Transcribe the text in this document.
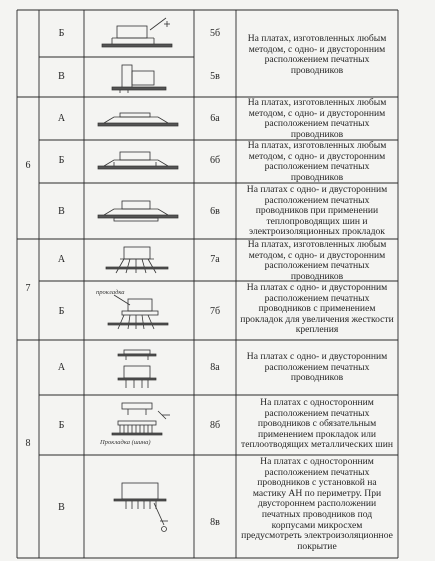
6
7
8
Б
В
А
Б
В
А
Б
А
Б
В
5б
5в
6а
6б
6в
7а
7б
8а
8б
8в
На платах, изготовленных любым
методом, с одно- и двусторонним
расположением печатных
проводников
На платах, изготовленных любым
методом, с одно- и двусторонним
расположением печатных
проводников
На платах, изготовленных любым
методом, с одно- и двусторонним
расположением печатных
проводников
На платах с одно- и двусторонним
расположением печатных
проводников при применении
теплопроводящих шин и
электроизоляционных прокладок
На платах, изготовленных любым
методом, с одно- и двусторонним
расположением печатных
проводников
На платах с одно- и двусторонним
расположением печатных
проводников с применением
прокладок для увеличения жесткости
крепления
На платах с одно- и двусторонним
расположением печатных
проводников
На платах с односторонним
расположением печатных
проводников с обязательным
применением прокладок или
теплоотводящих металлических шин
На платах с односторонним
расположением печатных
проводников с установкой на
мастику АН по периметру. При
двустороннем расположении
печатных проводников под
корпусами микросхем
предусмотреть электроизоляционное
покрытие
прокладка
Прокладка (шина)
